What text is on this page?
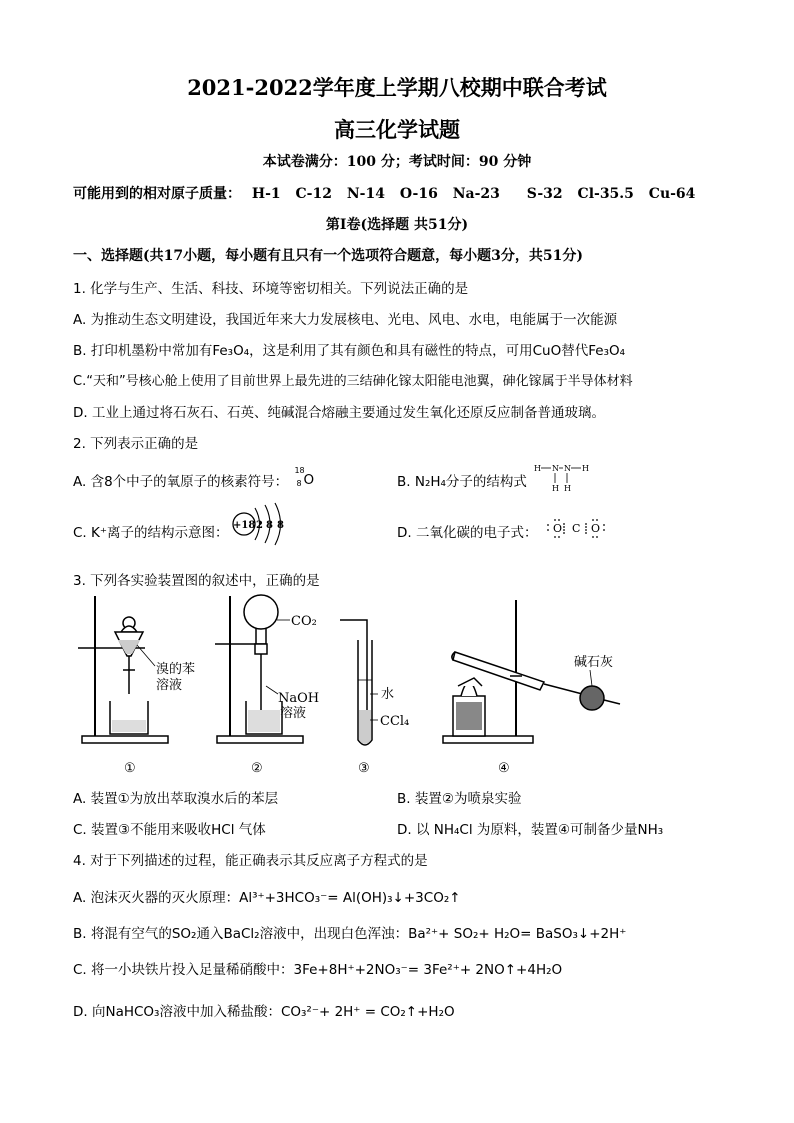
2021-2022学年度上学期八校期中联合考试
高三化学试题
本试卷满分：100 分；考试时间：90 分钟
可能用到的相对原子质量： H-1 C-12 N-14 O-16 Na-23 S-32 Cl-35.5 Cu-64
第Ⅰ卷(选择题 共51分)
一、选择题(共17小题，每小题有且只有一个选项符合题意，每小题3分，共51分)
1. 化学与生产、生活、科技、环境等密切相关。下列说法正确的是
A. 为推动生态文明建设，我国近年来大力发展核电、光电、风电、水电，电能属于一次能源
B. 打印机墨粉中常加有Fe₃O₄，这是利用了其有颜色和具有磁性的特点，可用CuO替代Fe₃O₄
C.“天和”号核心舱上使用了目前世界上最先进的三结砷化镓太阳能电池翼，砷化镓属于半导体材料
D. 工业上通过将石灰石、石英、纯碱混合熔融主要通过发生氧化还原反应制备普通玻璃。
2. 下列表示正确的是
A. 含8个中子的氧原子的核素符号：
18
8 O	B. N₂H₄分子的结构式
H N N H
H H
C. K⁺离子的结构示意图： +18 2 8 8	D. 二氧化碳的电子式： O C O
3. 下列各实验装置图的叙述中，正确的是
溴的苯
溶液
CO₂
NaOH
溶液
水
CCl₄
碱石灰
①	②	③	④
A. 装置①为放出萃取溴水后的苯层	B. 装置②为喷泉实验
C. 装置③不能用来吸收HCl 气体	D. 以 NH₄Cl 为原料，装置④可制备少量NH₃
4. 对于下列描述的过程，能正确表示其反应离子方程式的是
A. 泡沫灭火器的灭火原理：Al³⁺+3HCO₃⁻= Al(OH)₃↓+3CO₂↑
B. 将混有空气的SO₂通入BaCl₂溶液中，出现白色浑浊：Ba²⁺+ SO₂+ H₂O= BaSO₃↓+2H⁺
C. 将一小块铁片投入足量稀硝酸中：3Fe+8H⁺+2NO₃⁻= 3Fe²⁺+ 2NO↑+4H₂O
D. 向NaHCO₃溶液中加入稀盐酸：CO₃²⁻+ 2H⁺ = CO₂↑+H₂O
